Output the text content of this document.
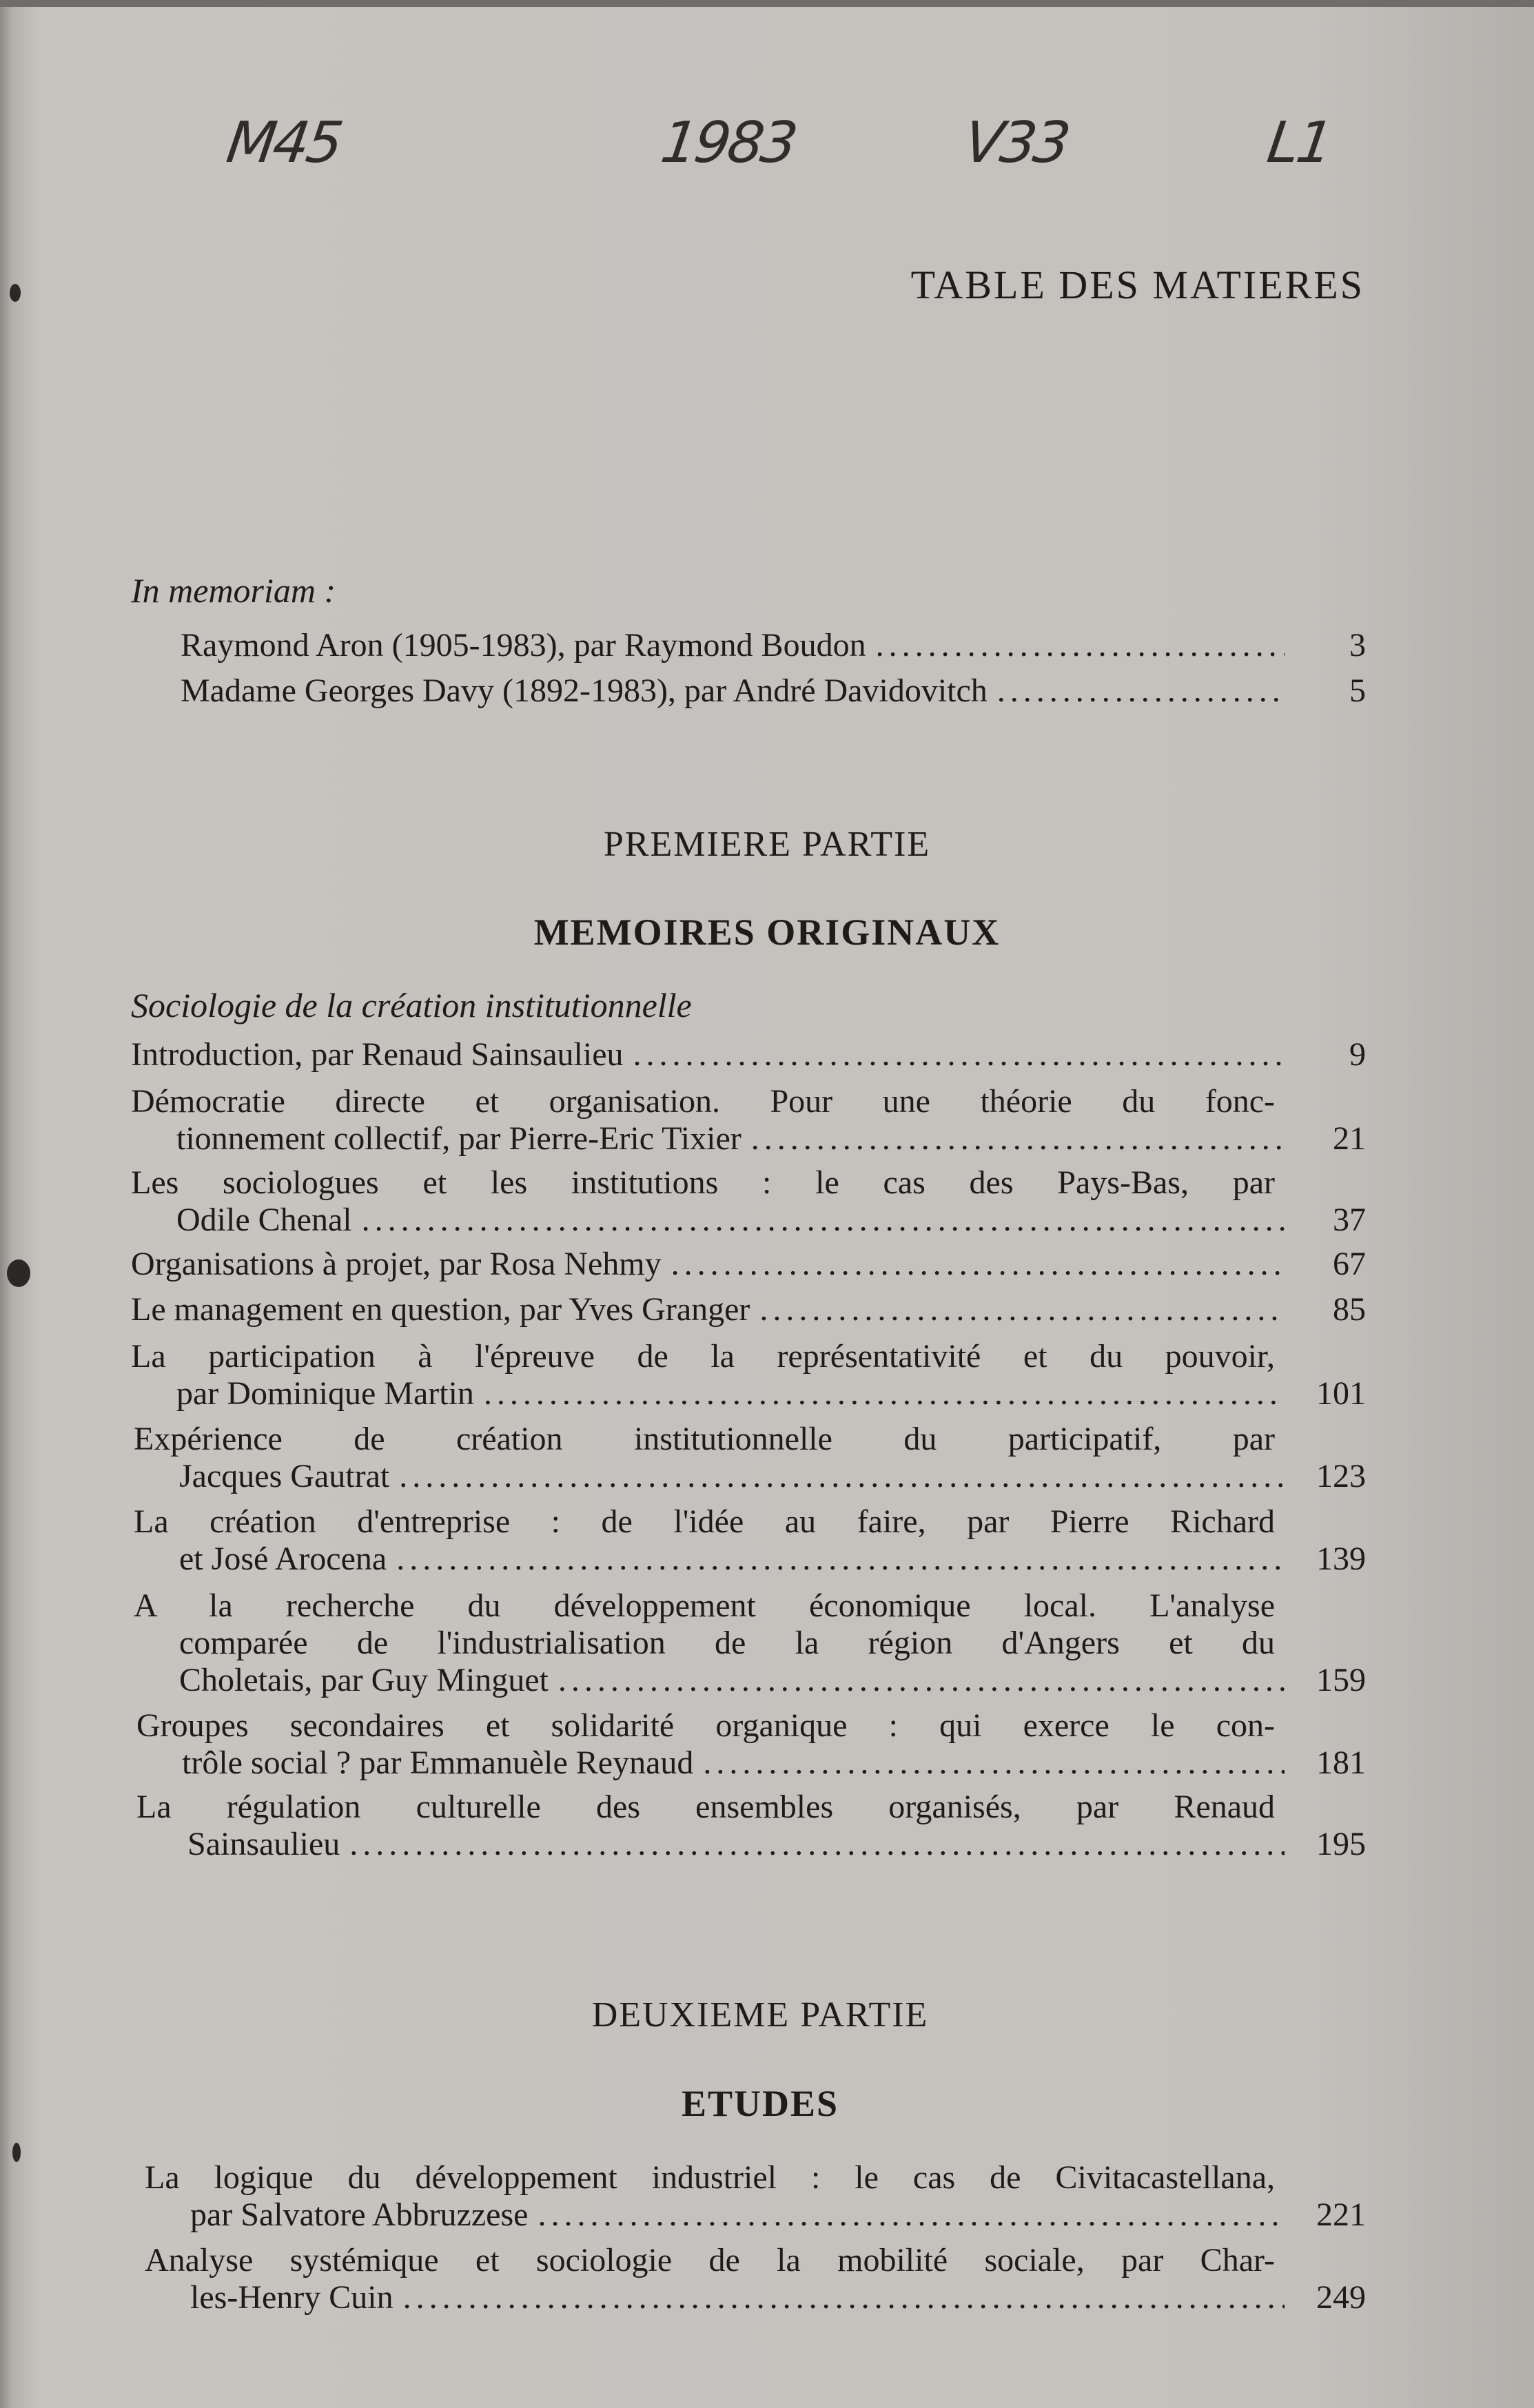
M45	1983	V33	L1
TABLE DES MATIERES
In memoriam :
Raymond Aron (1905-1983), par Raymond Boudon .....	3
Madame Georges Davy (1892-1983), par André Davidovitch .....	5
PREMIERE PARTIE
MEMOIRES ORIGINAUX
Sociologie de la création institutionnelle
Introduction, par Renaud Sainsaulieu .....	9
Démocratie directe et organisation. Pour une théorie du fonc-
tionnement collectif, par Pierre-Eric Tixier .....	21
Les sociologues et les institutions : le cas des Pays-Bas, par
Odile Chenal .....	37
Organisations à projet, par Rosa Nehmy .....	67
Le management en question, par Yves Granger .....	85
La participation à l'épreuve de la représentativité et du pouvoir,
par Dominique Martin .....	101
Expérience de création institutionnelle du participatif, par
Jacques Gautrat .....	123
La création d'entreprise : de l'idée au faire, par Pierre Richard
et José Arocena .....	139
A la recherche du développement économique local. L'analyse
comparée de l'industrialisation de la région d'Angers et du
Choletais, par Guy Minguet .....	159
Groupes secondaires et solidarité organique : qui exerce le con-
trôle social ? par Emmanuèle Reynaud .....	181
La régulation culturelle des ensembles organisés, par Renaud
Sainsaulieu .....	195
DEUXIEME PARTIE
ETUDES
La logique du développement industriel : le cas de Civitacastellana,
par Salvatore Abbruzzese .....	221
Analyse systémique et sociologie de la mobilité sociale, par Char-
les-Henry Cuin .....	249
